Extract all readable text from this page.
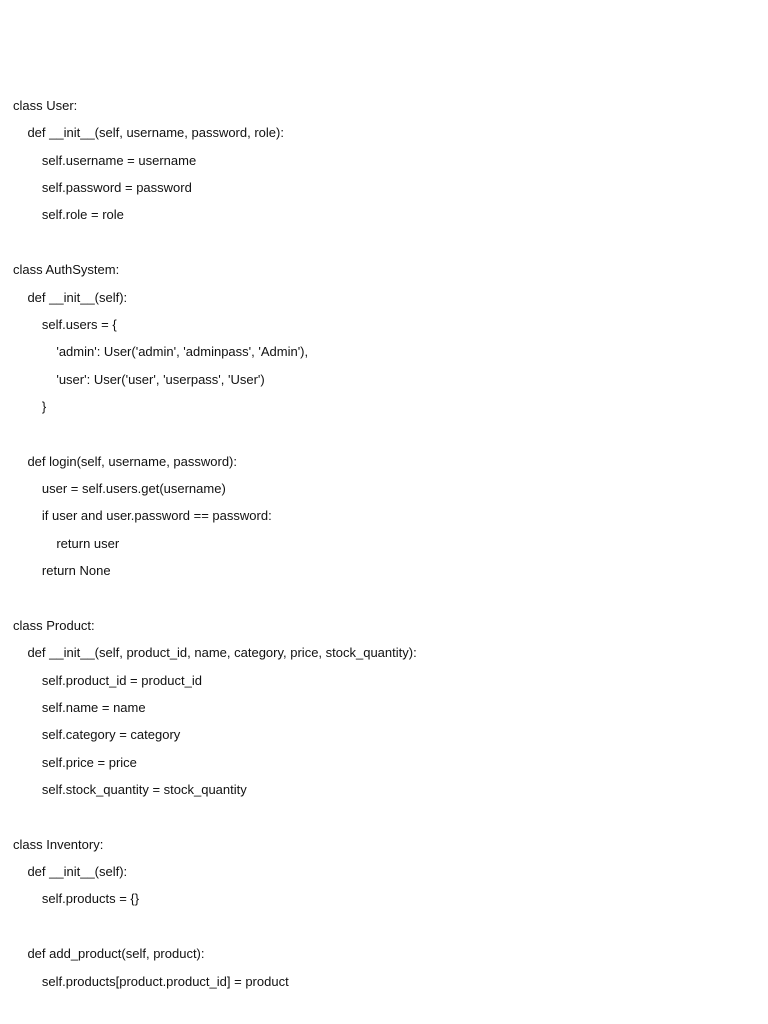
class User:
def __init__(self, username, password, role):
self.username = username
self.password = password
self.role = role
class AuthSystem:
def __init__(self):
self.users = {
'admin': User('admin', 'adminpass', 'Admin'),
'user': User('user', 'userpass', 'User')
}
def login(self, username, password):
user = self.users.get(username)
if user and user.password == password:
return user
return None
class Product:
def __init__(self, product_id, name, category, price, stock_quantity):
self.product_id = product_id
self.name = name
self.category = category
self.price = price
self.stock_quantity = stock_quantity
class Inventory:
def __init__(self):
self.products = {}
def add_product(self, product):
self.products[product.product_id] = product
